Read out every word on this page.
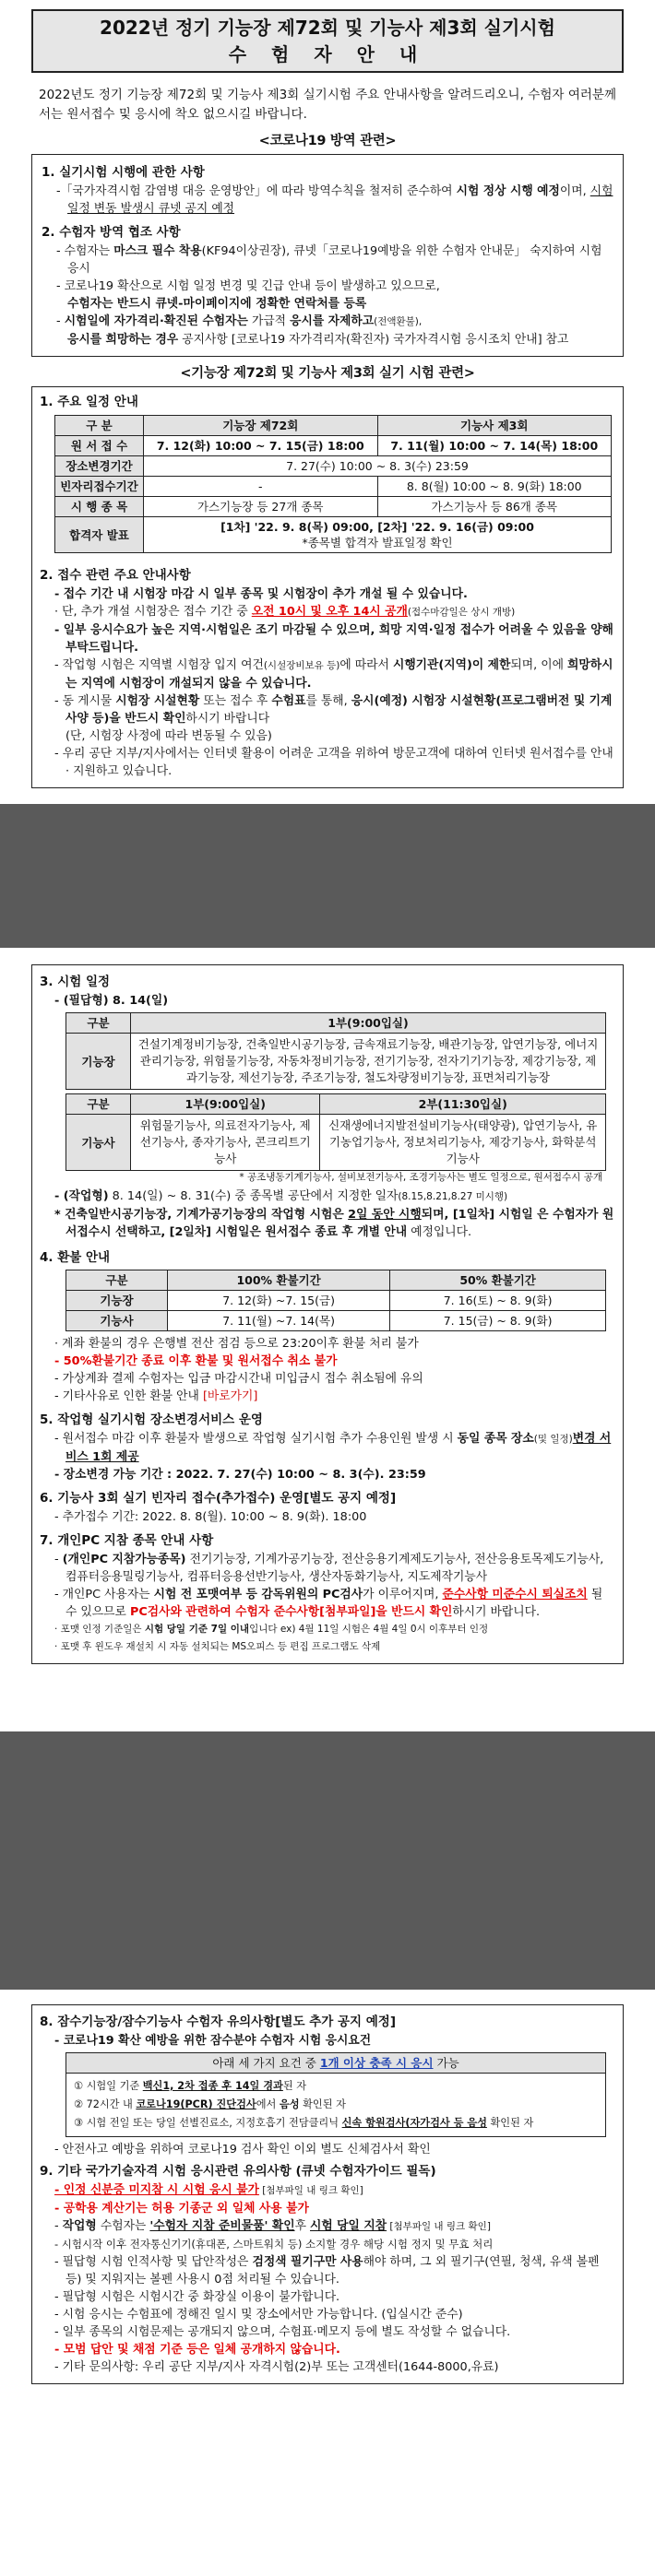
2022년 정기 기능장 제72회 및 기능사 제3회 실기시험
수 험 자 안 내
2022년도 정기 기능장 제72회 및 기능사 제3회 실기시험 주요 안내사항을 알려드리오니, 수험자 여러분께서는 원서접수 및 응시에 착오 없으시길 바랍니다.
<코로나19 방역 관련>
1. 실기시험 시행에 관한 사항
-「국가자격시험 감염병 대응 운영방안」에 따라 방역수칙을 철저히 준수하여 시험 정상 시행 예정이며, 시험 일정 변동 발생시 큐넷 공지 예정
2. 수험자 방역 협조 사항
- 수험자는 마스크 필수 착용(KF94이상권장), 큐넷「코로나19예방을 위한 수험자 안내문」 숙지하여 시험 응시
- 코로나19 확산으로 시험 일정 변경 및 긴급 안내 등이 발생하고 있으므로,
수험자는 반드시 큐넷-마이페이지에 정확한 연락처를 등록
- 시험일에 자가격리·확진된 수험자는 가급적 응시를 자제하고(전액환불),
응시를 희망하는 경우 공지사항 [코로나19 자가격리자(확진자) 국가자격시험 응시조치 안내] 참고
<기능장 제72회 및 기능사 제3회 실기 시험 관련>
1. 주요 일정 안내
구 분	기능장 제72회	기능사 제3회
원 서 접 수	7. 12(화) 10:00 ~ 7. 15(금) 18:00	7. 11(월) 10:00 ~ 7. 14(목) 18:00
장소변경기간	7. 27(수) 10:00 ~ 8. 3(수) 23:59	
빈자리접수기간	-	8. 8(월) 10:00 ~ 8. 9(화) 18:00
시 행 종 목	가스기능장 등 27개 종목	가스기능사 등 86개 종목
합격자 발표	[1차] '22. 9. 8(목) 09:00, [2차] '22. 9. 16(금) 09:00
*종목별 합격자 발표일정 확인	
2. 접수 관련 주요 안내사항
- 접수 기간 내 시험장 마감 시 일부 종목 및 시험장이 추가 개설 될 수 있습니다.
· 단, 추가 개설 시험장은 접수 기간 중 오전 10시 및 오후 14시 공개(접수마감일은 상시 개방)
- 일부 응시수요가 높은 지역·시험일은 조기 마감될 수 있으며, 희망 지역·일정 접수가 어려울 수 있음을 양해 부탁드립니다.
- 작업형 시험은 지역별 시험장 입지 여건(시설장비보유 등)에 따라서 시행기관(지역)이 제한되며, 이에 희망하시는 지역에 시험장이 개설되지 않을 수 있습니다.
- 동 게시물 시험장 시설현황 또는 접수 후 수험표를 통해, 응시(예정) 시험장 시설현황(프로그램버전 및 기계사양 등)을 반드시 확인하시기 바랍니다
(단, 시험장 사정에 따라 변동될 수 있음)
- 우리 공단 지부/지사에서는 인터넷 활용이 어려운 고객을 위하여 방문고객에 대하여 인터넷 원서접수를 안내 · 지원하고 있습니다.
3. 시험 일정
- (필답형) 8. 14(일)
구분	1부(9:00입실)
기능장	건설기계정비기능장, 건축일반시공기능장, 금속재료기능장, 배관기능장, 압연기능장, 에너지관리기능장, 위험물기능장, 자동차정비기능장, 전기기능장, 전자기기기능장, 제강기능장, 제과기능장, 제선기능장, 주조기능장, 철도차량정비기능장, 표면처리기능장
구분	1부(9:00입실)	2부(11:30입실)
기능사	위험물기능사, 의료전자기능사, 제선기능사, 종자기능사, 콘크리트기능사	신재생에너지발전설비기능사(태양광), 압연기능사, 유기농업기능사, 정보처리기능사, 제강기능사, 화학분석기능사
* 공조냉동기계기능사, 설비보전기능사, 조경기능사는 별도 일정으로, 원서접수시 공개
- (작업형) 8. 14(일) ~ 8. 31(수) 중 종목별 공단에서 지정한 일자(8.15,8.21,8.27 미시행)
* 건축일반시공기능장, 기계가공기능장의 작업형 시험은 2일 동안 시행되며, [1일차] 시험일 은 수험자가 원서접수시 선택하고, [2일차] 시험일은 원서접수 종료 후 개별 안내 예정입니다.
4. 환불 안내
구분	100% 환불기간	50% 환불기간
기능장	7. 12(화) ~7. 15(금)	7. 16(토) ~ 8. 9(화)
기능사	7. 11(월) ~7. 14(목)	7. 15(금) ~ 8. 9(화)
· 계좌 환불의 경우 은행별 전산 점검 등으로 23:20이후 환불 처리 불가
- 50%환불기간 종료 이후 환불 및 원서접수 취소 불가
- 가상계좌 결제 수험자는 입금 마감시간내 미입금시 접수 취소됨에 유의
- 기타사유로 인한 환불 안내 [바로가기]
5. 작업형 실기시험 장소변경서비스 운영
- 원서접수 마감 이후 환불자 발생으로 작업형 실기시험 추가 수용인원 발생 시 동일 종목 장소(및 일정)변경 서비스 1회 제공
- 장소변경 가능 기간 : 2022. 7. 27(수) 10:00 ~ 8. 3(수). 23:59
6. 기능사 3회 실기 빈자리 접수(추가접수) 운영[별도 공지 예정]
- 추가접수 기간: 2022. 8. 8(월). 10:00 ~ 8. 9(화). 18:00
7. 개인PC 지참 종목 안내 사항
- (개인PC 지참가능종목) 전기기능장, 기계가공기능장, 전산응용기계제도기능사, 전산응용토목제도기능사, 컴퓨터응용밀링기능사, 컴퓨터응용선반기능사, 생산자동화기능사, 지도제작기능사
- 개인PC 사용자는 시험 전 포맷여부 등 감독위원의 PC검사가 이루어지며, 준수사항 미준수시 퇴실조치 될 수 있으므로 PC검사와 관련하여 수험자 준수사항[첨부파일]을 반드시 확인하시기 바랍니다.
· 포맷 인정 기준일은 시험 당일 기준 7일 이내입니다 ex) 4월 11일 시험은 4월 4일 0시 이후부터 인정
· 포맷 후 윈도우 재설치 시 자동 설치되는 MS오피스 등 편집 프로그램도 삭제
8. 잠수기능장/잠수기능사 수험자 유의사항[별도 추가 공지 예정]
- 코로나19 확산 예방을 위한 잠수분야 수험자 시험 응시요건
아래 세 가지 요건 중 1개 이상 충족 시 응시 가능

① 시험일 기준 백신1, 2차 접종 후 14일 경과된 자
② 72시간 내 코로나19(PCR) 진단검사에서 음성 확인된 자
③ 시험 전일 또는 당일 선별진료소, 지정호흡기 전담클리닉 신속 항원검사(자가검사 등 음성 확인된 자
- 안전사고 예방을 위하여 코로나19 검사 확인 이외 별도 신체검사서 확인
9. 기타 국가기술자격 시험 응시관련 유의사항 (큐넷 수험자가이드 필독)
- 인정 신분증 미지참 시 시험 응시 불가 [첨부파일 내 링크 확인]
- 공학용 계산기는 허용 기종군 외 일체 사용 불가
- 작업형 수험자는 '수험자 지참 준비물품' 확인후 시험 당일 지참 [첨부파일 내 링크 확인]
- 시험시작 이후 전자통신기기(휴대폰, 스마트워치 등) 소지할 경우 해당 시험 정지 및 무효 처리
- 필답형 시험 인적사항 및 답안작성은 검정색 필기구만 사용해야 하며, 그 외 필기구(연필, 청색, 유색 볼펜 등) 및 지워지는 볼펜 사용시 0점 처리될 수 있습니다.
- 필답형 시험은 시험시간 중 화장실 이용이 불가합니다.
- 시험 응시는 수험표에 정해진 일시 및 장소에서만 가능합니다. (입실시간 준수)
- 일부 종목의 시험문제는 공개되지 않으며, 수험표·메모지 등에 별도 작성할 수 없습니다.
- 모범 답안 및 채점 기준 등은 일체 공개하지 않습니다.
- 기타 문의사항: 우리 공단 지부/지사 자격시험(2)부 또는 고객센터(1644-8000,유료)
